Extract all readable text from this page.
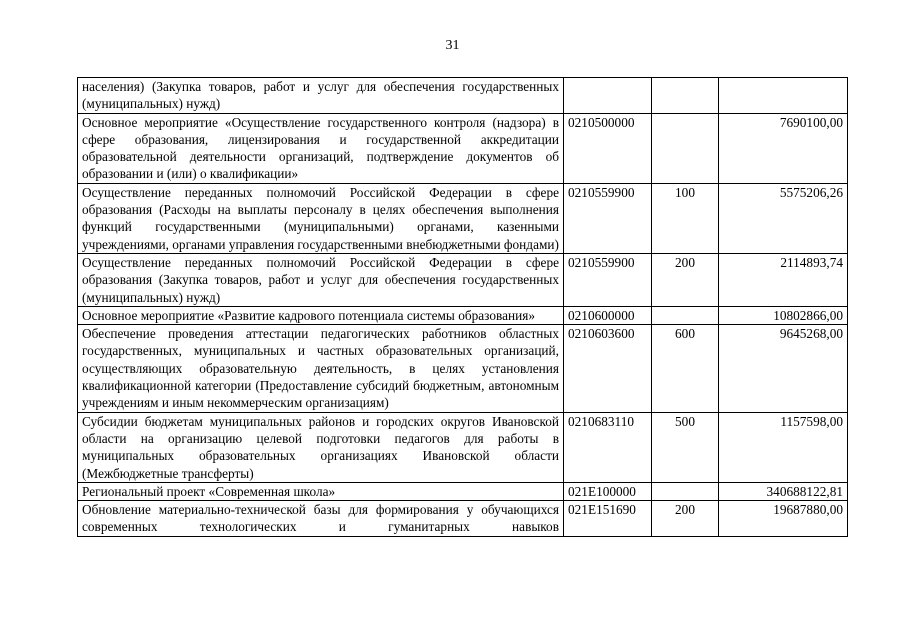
31
населения) (Закупка товаров, работ и услуг для обеспечения государственных (муниципальных) нужд)			
Основное мероприятие «Осуществление государственного контроля (надзора) в сфере образования, лицензирования и государственной аккредитации образовательной деятельности организаций, подтверждение документов об образовании и (или) о квалификации»	0210500000		7690100,00
Осуществление переданных полномочий Российской Федерации в сфере образования (Расходы на выплаты персоналу в целях обеспечения выполнения функций государственными (муниципальными) органами, казенными учреждениями, органами управления государственными внебюджетными фондами)	0210559900	100	5575206,26
Осуществление переданных полномочий Российской Федерации в сфере образования (Закупка товаров, работ и услуг для обеспечения государственных (муниципальных) нужд)	0210559900	200	2114893,74
Основное мероприятие «Развитие кадрового потенциала системы образования»	0210600000		10802866,00
Обеспечение проведения аттестации педагогических работников областных государственных, муниципальных и частных образовательных организаций, осуществляющих образовательную деятельность, в целях установления квалификационной категории (Предоставление субсидий бюджетным, автономным учреждениям и иным некоммерческим организациям)	0210603600	600	9645268,00
Субсидии бюджетам муниципальных районов и городских округов Ивановской области на организацию целевой подготовки педагогов для работы в муниципальных образовательных организациях Ивановской области (Межбюджетные трансферты)	0210683110	500	1157598,00
Региональный проект «Современная школа»	021E100000		340688122,81
Обновление материально-технической базы для формирования у обучающихся современных технологических и гуманитарных навыков	021E151690	200	19687880,00
